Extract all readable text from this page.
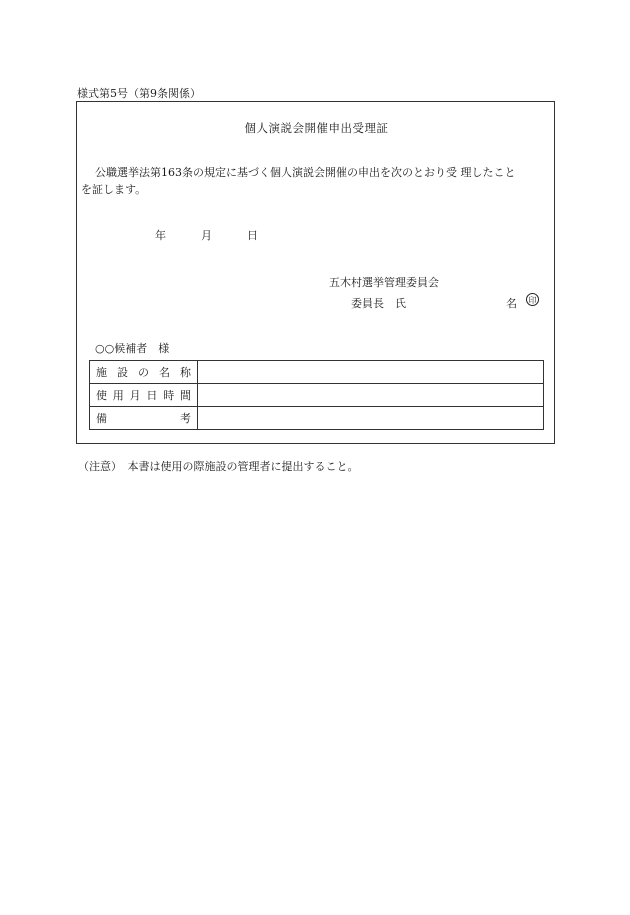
様式第5号（第9条関係）
個人演説会開催申出受理証
公職選挙法第163条の規定に基づく個人演説会開催の申出を次のとおり受 理したこと
を証します。
年	月	日
五木村選挙管理委員会
委員長　氏	名	印
○○候補者　様
施設の名称	
使用月日時間	
備考	
（注意）　本書は使用の際施設の管理者に提出すること。
